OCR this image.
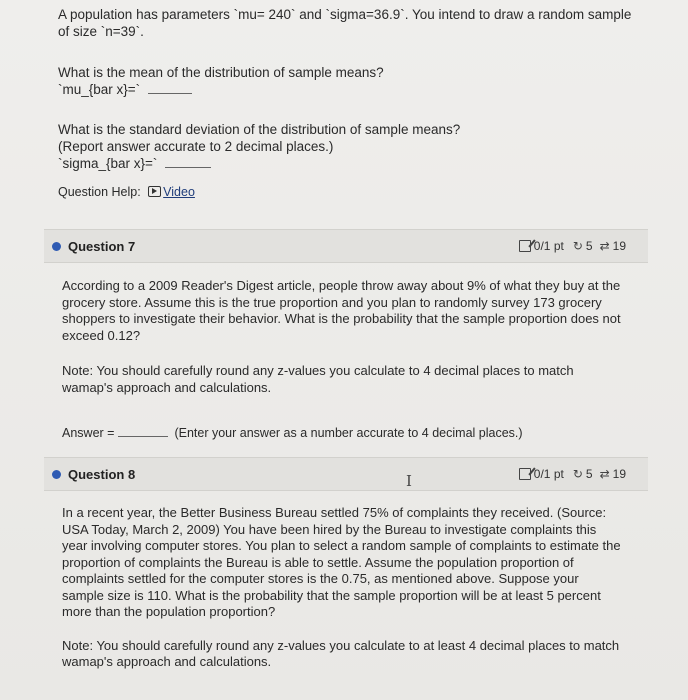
A population has parameters `mu= 240` and `sigma=36.9`. You intend to draw a random sample of size `n=39`.

What is the mean of the distribution of sample means?

`mu_{bar x}=`

What is the standard deviation of the distribution of sample means?

(Report answer accurate to 2 decimal places.)

`sigma_{bar x}=`

Question Help: Video

Question 7	0/1 pt ↻ 5 ⇄ 19

According to a 2009 Reader's Digest article, people throw away about 9% of what they buy at the grocery store. Assume this is the true proportion and you plan to randomly survey 173 grocery shoppers to investigate their behavior. What is the probability that the sample proportion does not exceed 0.12?

Note: You should carefully round any z-values you calculate to 4 decimal places to match wamap's approach and calculations.

Answer =	(Enter your answer as a number accurate to 4 decimal places.)
Question 8	0/1 pt ↻ 5 ⇄ 19
I

In a recent year, the Better Business Bureau settled 75% of complaints they received. (Source: USA Today, March 2, 2009) You have been hired by the Bureau to investigate complaints this year involving computer stores. You plan to select a random sample of complaints to estimate the proportion of complaints the Bureau is able to settle. Assume the population proportion of complaints settled for the computer stores is the 0.75, as mentioned above. Suppose your sample size is 110. What is the probability that the sample proportion will be at least 5 percent more than the population proportion?

Note: You should carefully round any z-values you calculate to at least 4 decimal places to match wamap's approach and calculations.
